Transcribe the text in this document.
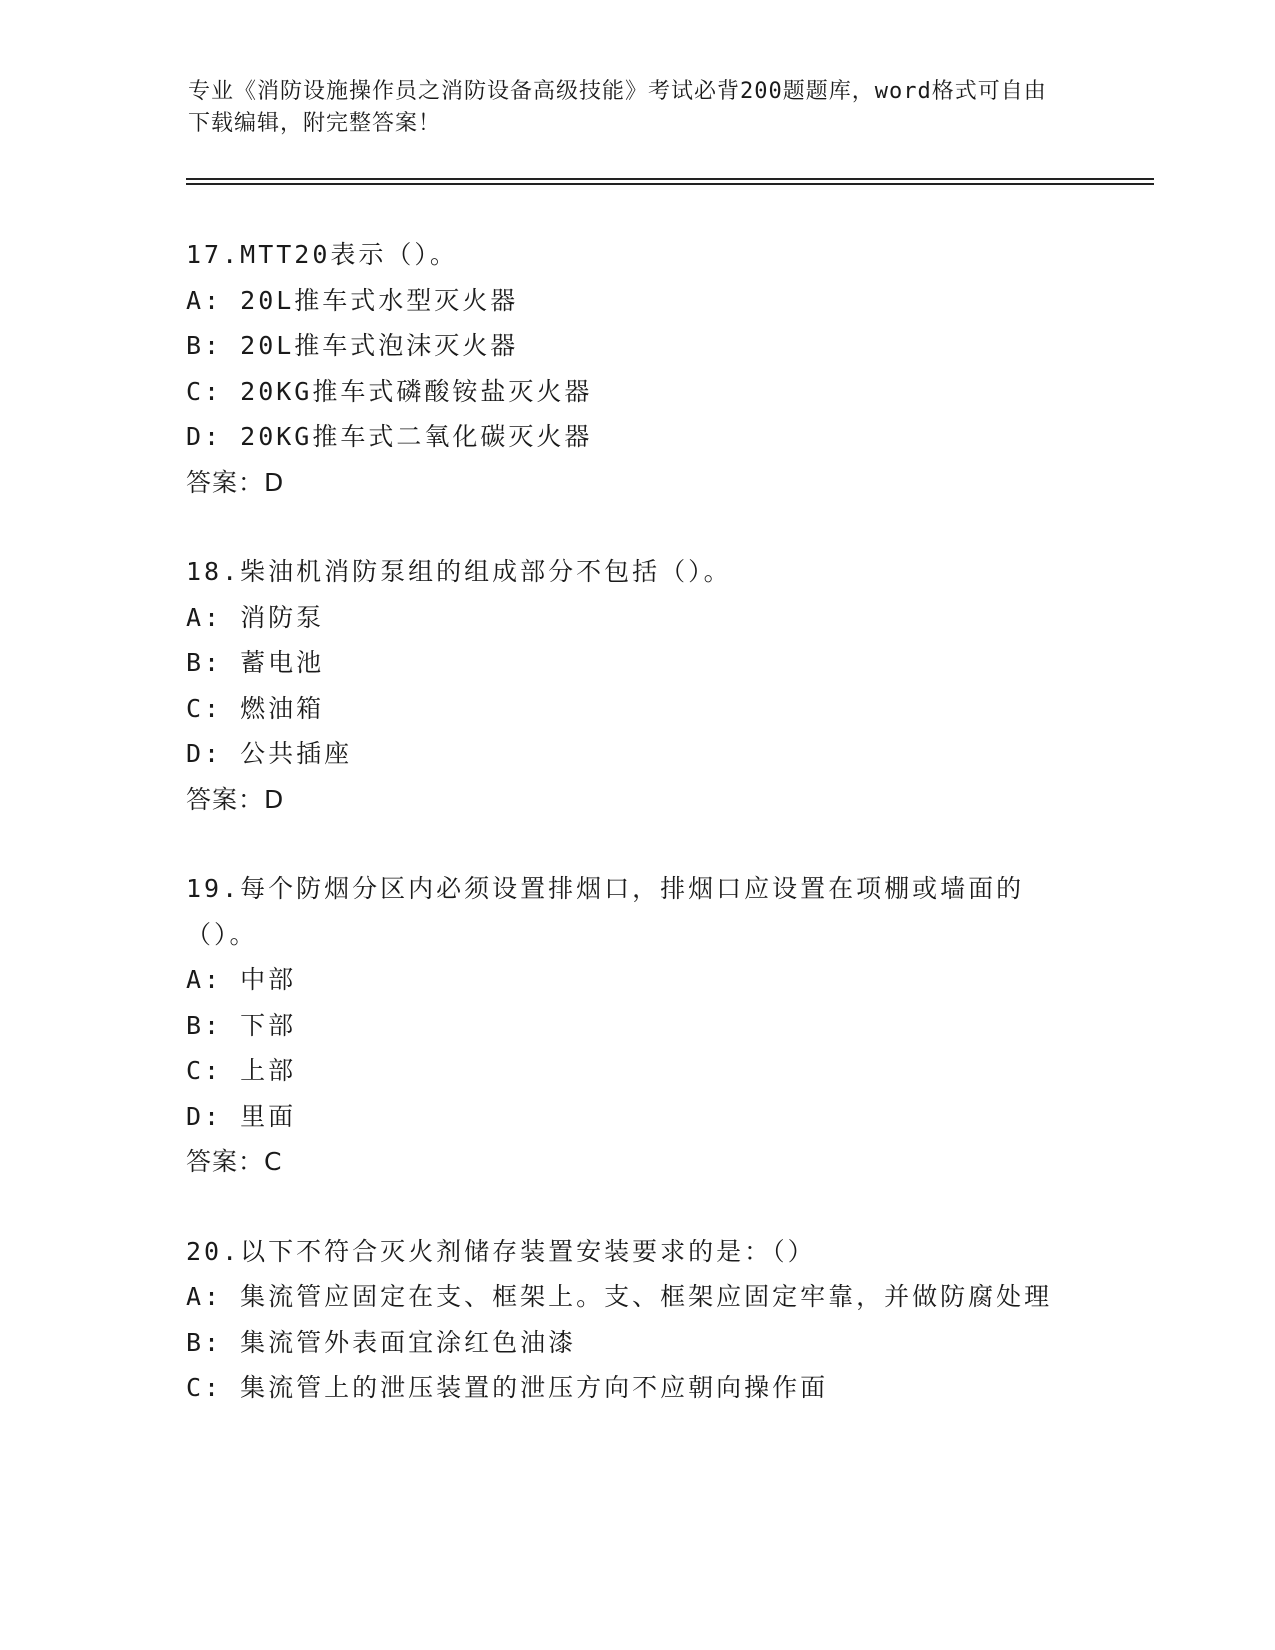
专业《消防设施操作员之消防设备高级技能》考试必背200题题库，word格式可自由下载编辑，附完整答案！
17.MTT20表示（）。
A: 20L推车式水型灭火器
B: 20L推车式泡沫灭火器
C: 20KG推车式磷酸铵盐灭火器
D: 20KG推车式二氧化碳灭火器
答案：D
18.柴油机消防泵组的组成部分不包括（）。
A: 消防泵
B: 蓄电池
C: 燃油箱
D: 公共插座
答案：D
19.每个防烟分区内必须设置排烟口，排烟口应设置在项棚或墙面的（）。
A: 中部
B: 下部
C: 上部
D: 里面
答案：C
20.以下不符合灭火剂储存装置安装要求的是：（）
A: 集流管应固定在支、框架上。支、框架应固定牢靠，并做防腐处理
B: 集流管外表面宜涂红色油漆
C: 集流管上的泄压装置的泄压方向不应朝向操作面
